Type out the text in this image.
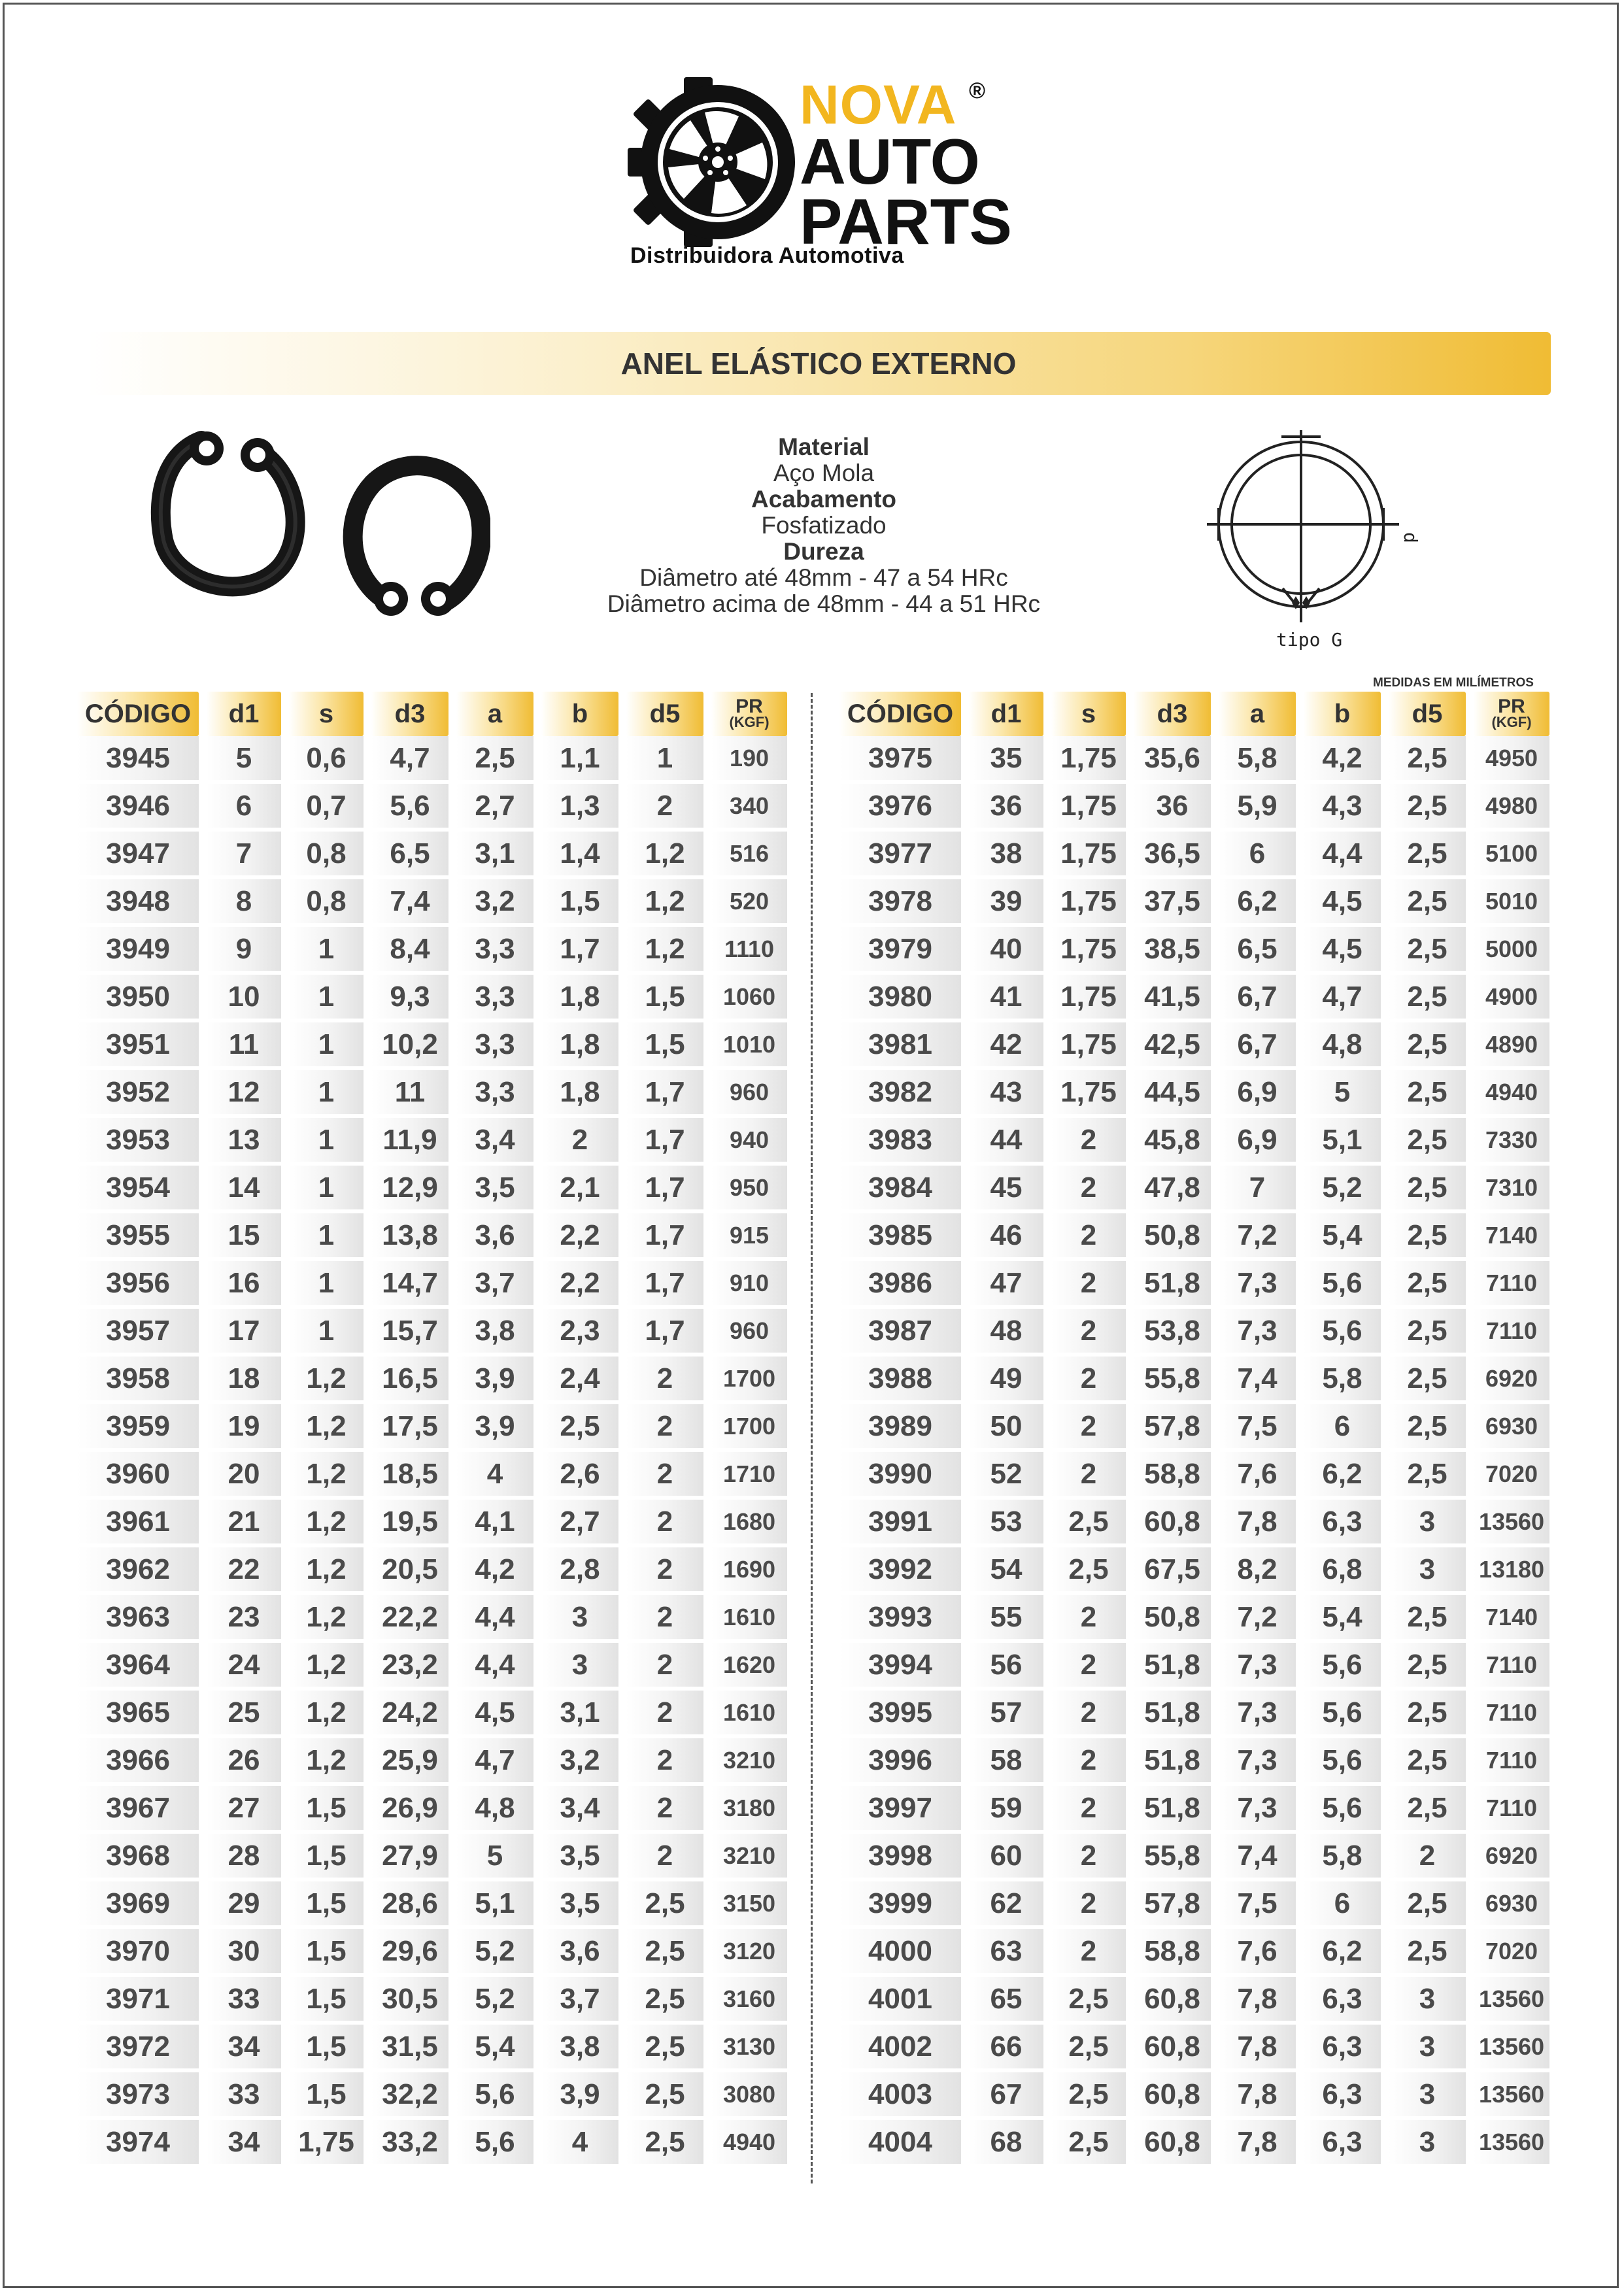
NOVA ®
AUTO
PARTS
Distribuidora Automotiva
ANEL ELÁSTICO EXTERNO
Material
Aço Mola
Acabamento
Fosfatizado
Dureza
Diâmetro até 48mm - 47 a 54 HRc
Diâmetro acima de 48mm - 44 a 51 HRc
d
tipo G
MEDIDAS EM MILÍMETROS
CÓDIGO	d1	s	d3	a	b	d5	PR
(KGF)
3945	5	0,6	4,7	2,5	1,1	1	190
3946	6	0,7	5,6	2,7	1,3	2	340
3947	7	0,8	6,5	3,1	1,4	1,2	516
3948	8	0,8	7,4	3,2	1,5	1,2	520
3949	9	1	8,4	3,3	1,7	1,2	1110
3950	10	1	9,3	3,3	1,8	1,5	1060
3951	11	1	10,2	3,3	1,8	1,5	1010
3952	12	1	11	3,3	1,8	1,7	960
3953	13	1	11,9	3,4	2	1,7	940
3954	14	1	12,9	3,5	2,1	1,7	950
3955	15	1	13,8	3,6	2,2	1,7	915
3956	16	1	14,7	3,7	2,2	1,7	910
3957	17	1	15,7	3,8	2,3	1,7	960
3958	18	1,2	16,5	3,9	2,4	2	1700
3959	19	1,2	17,5	3,9	2,5	2	1700
3960	20	1,2	18,5	4	2,6	2	1710
3961	21	1,2	19,5	4,1	2,7	2	1680
3962	22	1,2	20,5	4,2	2,8	2	1690
3963	23	1,2	22,2	4,4	3	2	1610
3964	24	1,2	23,2	4,4	3	2	1620
3965	25	1,2	24,2	4,5	3,1	2	1610
3966	26	1,2	25,9	4,7	3,2	2	3210
3967	27	1,5	26,9	4,8	3,4	2	3180
3968	28	1,5	27,9	5	3,5	2	3210
3969	29	1,5	28,6	5,1	3,5	2,5	3150
3970	30	1,5	29,6	5,2	3,6	2,5	3120
3971	33	1,5	30,5	5,2	3,7	2,5	3160
3972	34	1,5	31,5	5,4	3,8	2,5	3130
3973	33	1,5	32,2	5,6	3,9	2,5	3080
3974	34	1,75 33,2	5,6	4	2,5	4940
CÓDIGO	d1	s	d3	a	b	d5	PR
(KGF)
3975	35	1,75 35,6	5,8	4,2	2,5	4950
3976	36	1,75	36	5,9	4,3	2,5	4980
3977	38	1,75 36,5	6	4,4	2,5	5100
3978	39	1,75 37,5	6,2	4,5	2,5	5010
3979	40	1,75 38,5	6,5	4,5	2,5	5000
3980	41	1,75 41,5	6,7	4,7	2,5	4900
3981	42	1,75 42,5	6,7	4,8	2,5	4890
3982	43	1,75 44,5	6,9	5	2,5	4940
3983	44	2	45,8	6,9	5,1	2,5	7330
3984	45	2	47,8	7	5,2	2,5	7310
3985	46	2	50,8	7,2	5,4	2,5	7140
3986	47	2	51,8	7,3	5,6	2,5	7110
3987	48	2	53,8	7,3	5,6	2,5	7110
3988	49	2	55,8	7,4	5,8	2,5	6920
3989	50	2	57,8	7,5	6	2,5	6930
3990	52	2	58,8	7,6	6,2	2,5	7020
3991	53	2,5	60,8	7,8	6,3	3	13560
3992	54	2,5	67,5	8,2	6,8	3	13180
3993	55	2	50,8	7,2	5,4	2,5	7140
3994	56	2	51,8	7,3	5,6	2,5	7110
3995	57	2	51,8	7,3	5,6	2,5	7110
3996	58	2	51,8	7,3	5,6	2,5	7110
3997	59	2	51,8	7,3	5,6	2,5	7110
3998	60	2	55,8	7,4	5,8	2	6920
3999	62	2	57,8	7,5	6	2,5	6930
4000	63	2	58,8	7,6	6,2	2,5	7020
4001	65	2,5	60,8	7,8	6,3	3	13560
4002	66	2,5	60,8	7,8	6,3	3	13560
4003	67	2,5	60,8	7,8	6,3	3	13560
4004	68	2,5	60,8	7,8	6,3	3	13560
